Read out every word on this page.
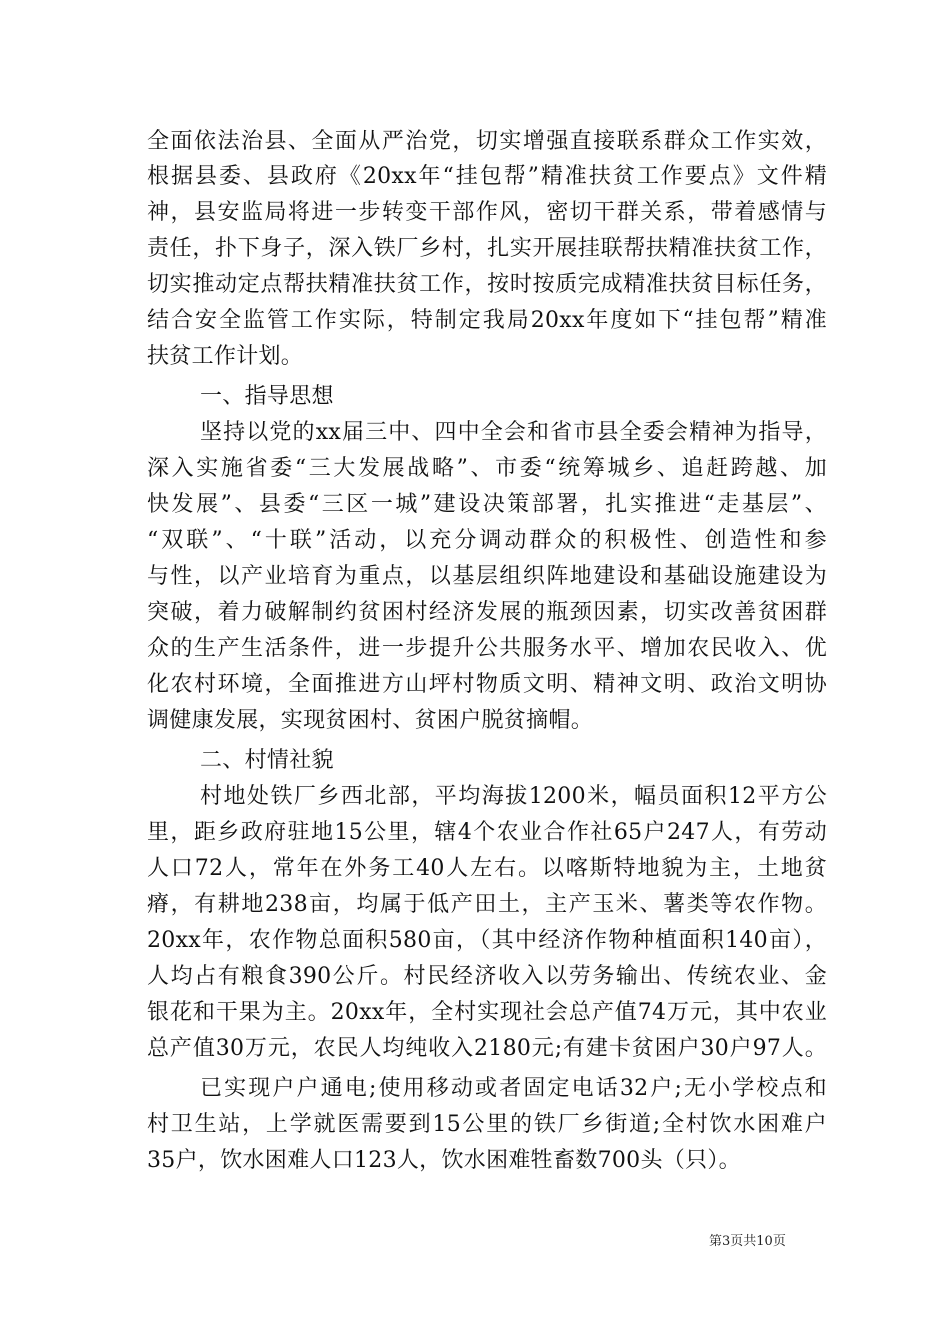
全面依法治县、全面从严治党，切实增强直接联系群众工作实效，
根据县委、县政府《20xx年“挂包帮”精准扶贫工作要点》文件精
神，县安监局将进一步转变干部作风，密切干群关系，带着感情与
责任，扑下身子，深入铁厂乡村，扎实开展挂联帮扶精准扶贫工作，
切实推动定点帮扶精准扶贫工作，按时按质完成精准扶贫目标任务，
结合安全监管工作实际，特制定我局20xx年度如下“挂包帮”精准
扶贫工作计划。
一、指导思想
坚持以党的xx届三中、四中全会和省市县全委会精神为指导，
深入实施省委“三大发展战略”、市委“统筹城乡、追赶跨越、加
快发展”、县委“三区一城”建设决策部署，扎实推进“走基层”、
“双联”、“十联”活动，以充分调动群众的积极性、创造性和参
与性，以产业培育为重点，以基层组织阵地建设和基础设施建设为
突破，着力破解制约贫困村经济发展的瓶颈因素，切实改善贫困群
众的生产生活条件，进一步提升公共服务水平、增加农民收入、优
化农村环境，全面推进方山坪村物质文明、精神文明、政治文明协
调健康发展，实现贫困村、贫困户脱贫摘帽。
二、村情社貌
村地处铁厂乡西北部，平均海拔1200米，幅员面积12平方公
里，距乡政府驻地15公里，辖4个农业合作社65户247人，有劳动
人口72人，常年在外务工40人左右。以喀斯特地貌为主，土地贫
瘠，有耕地238亩，均属于低产田土，主产玉米、薯类等农作物。
20xx年，农作物总面积580亩，（其中经济作物种植面积140亩），
人均占有粮食390公斤。村民经济收入以劳务输出、传统农业、金
银花和干果为主。20xx年，全村实现社会总产值74万元，其中农业
总产值30万元，农民人均纯收入2180元;有建卡贫困户30户97人。
已实现户户通电;使用移动或者固定电话32户;无小学校点和
村卫生站，上学就医需要到15公里的铁厂乡街道;全村饮水困难户
35户，饮水困难人口123人，饮水困难牲畜数700头（只）。
第3页共10页
